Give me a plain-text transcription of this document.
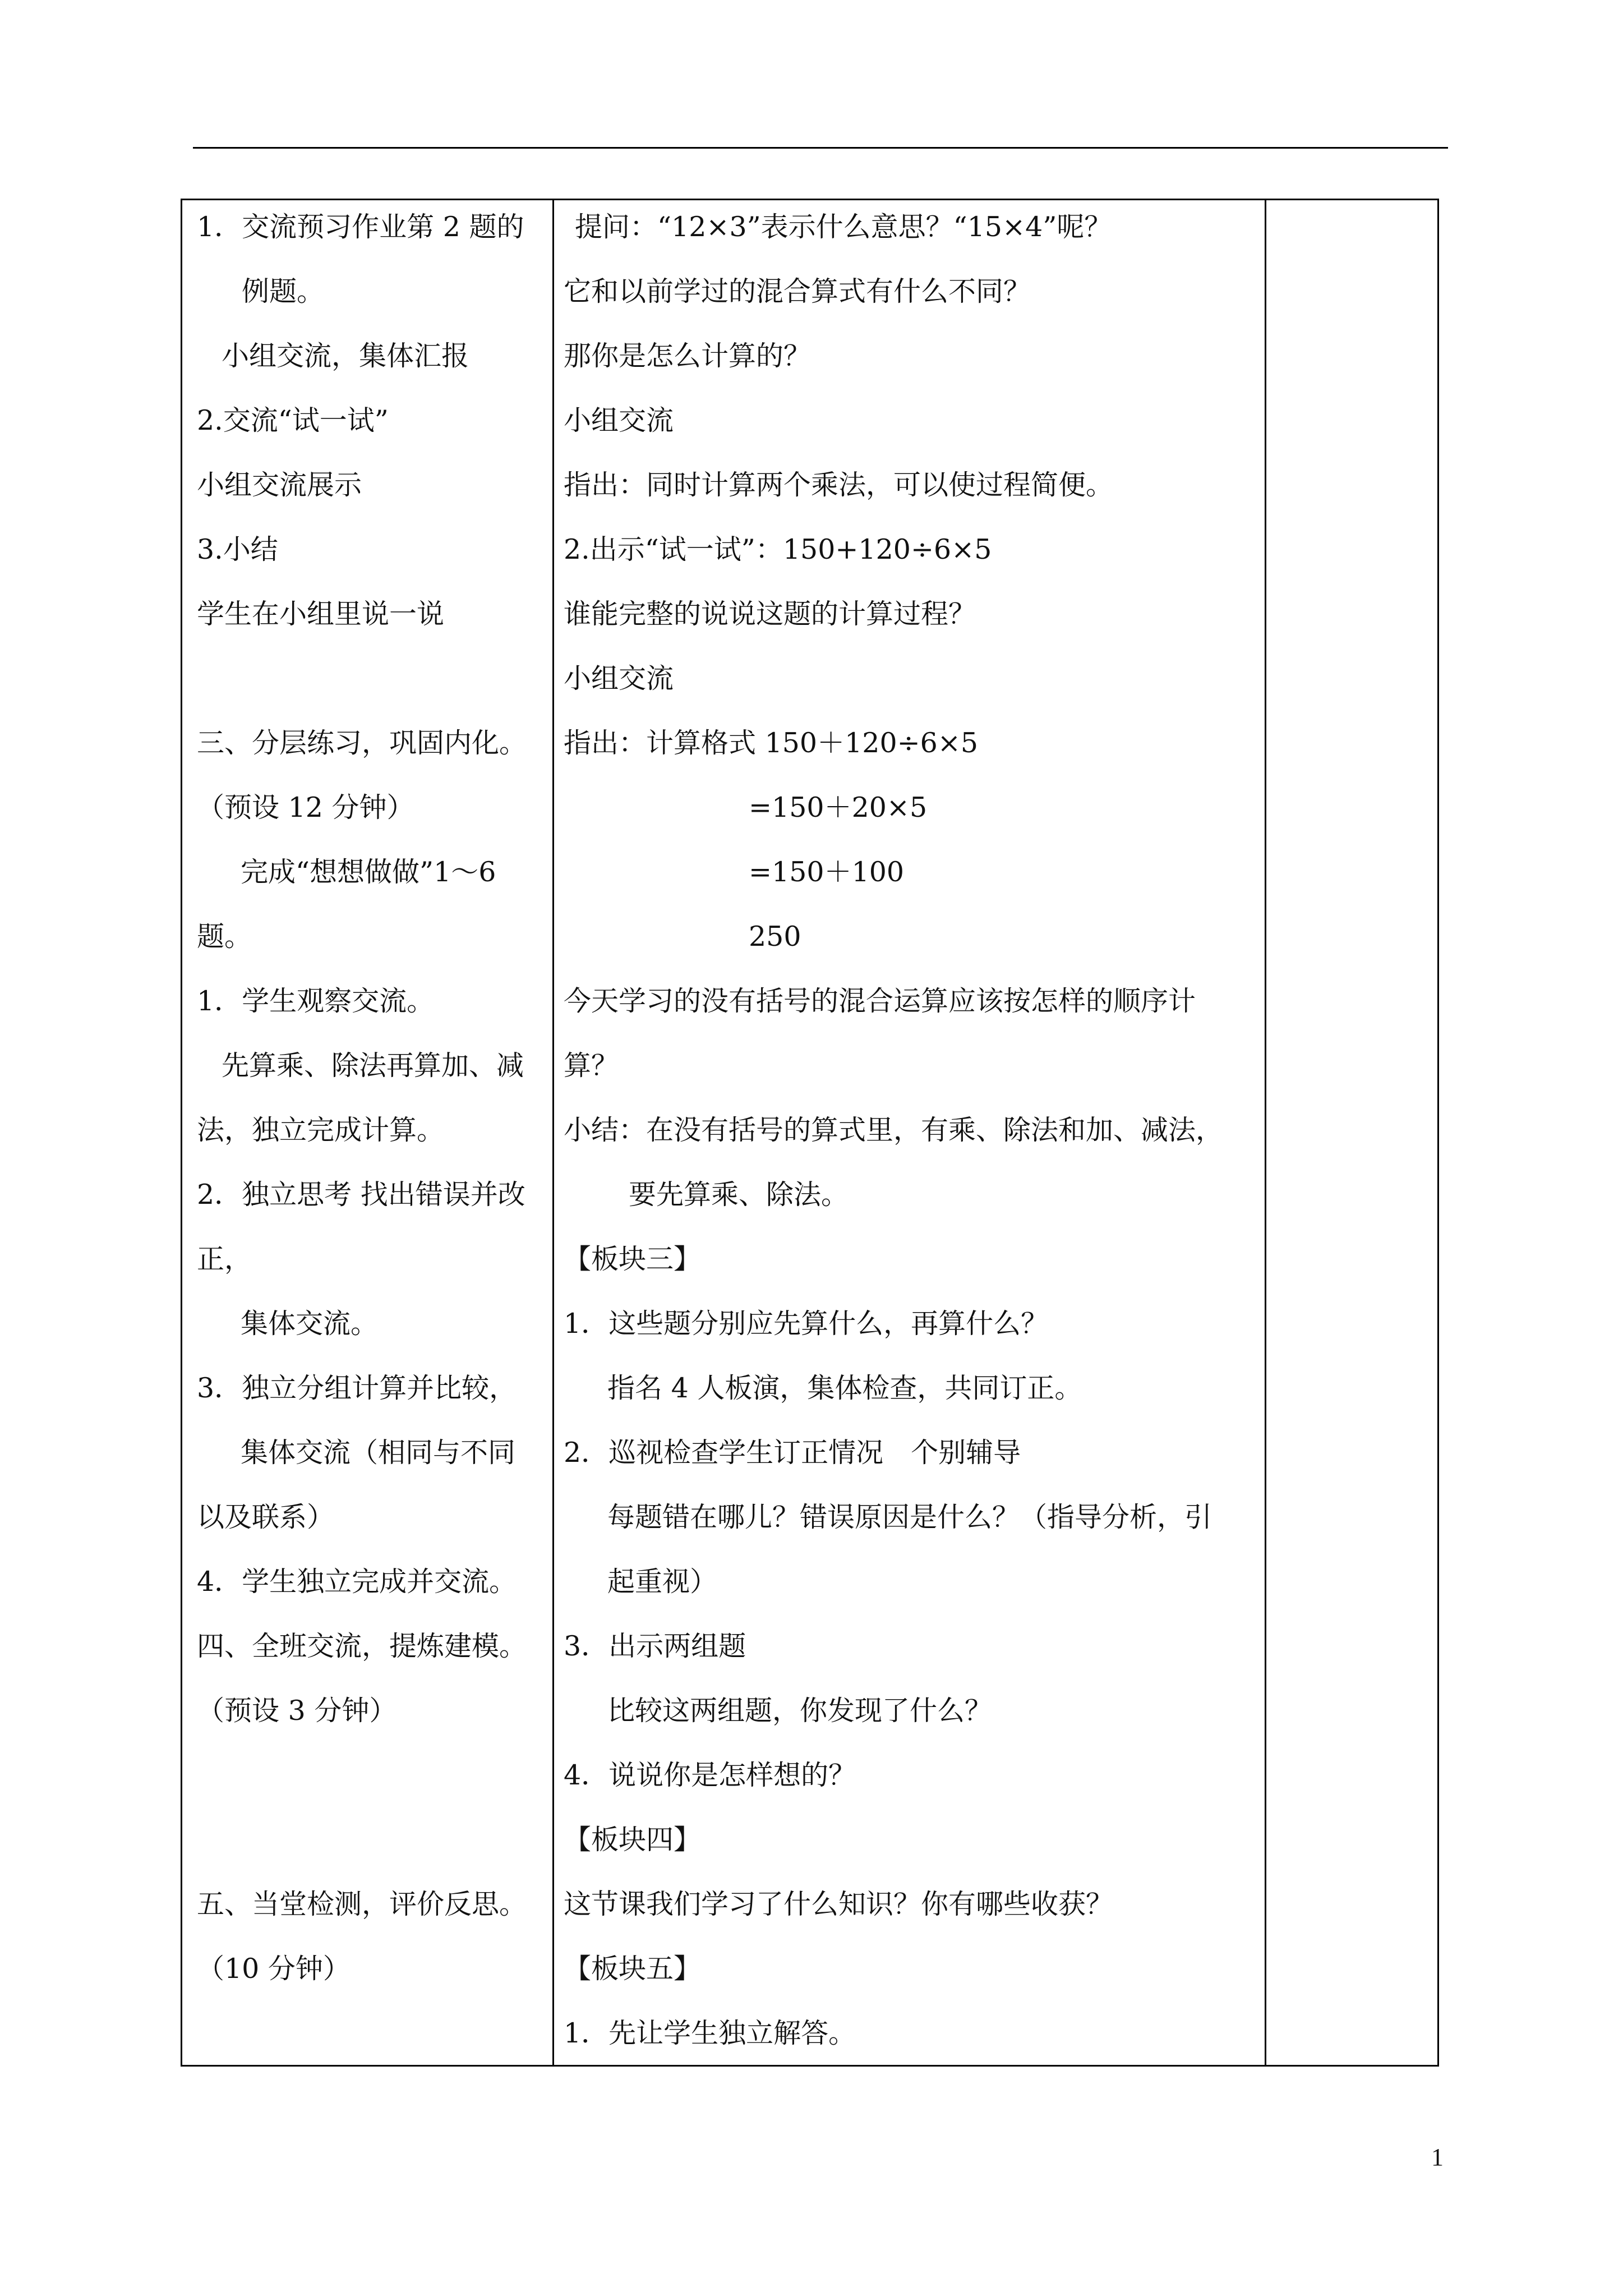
1．交流预习作业第 2 题的
例题。
小组交流，集体汇报
2.交流“试一试”
小组交流展示
3.小结
学生在小组里说一说
三、分层练习，巩固内化。
（预设 12 分钟）
完成“想想做做”1～6
题。
1．学生观察交流。
先算乘、除法再算加、减
法，独立完成计算。
2．独立思考 找出错误并改
正，
集体交流。
3．独立分组计算并比较，
集体交流（相同与不同
以及联系）
4．学生独立完成并交流。
四、全班交流，提炼建模。
（预设 3 分钟）
五、当堂检测，评价反思。
（10 分钟）
提问：“12×3”表示什么意思？“15×4”呢？
它和以前学过的混合算式有什么不同？
那你是怎么计算的？
小组交流
指出：同时计算两个乘法，可以使过程简便。
2.出示“试一试”：150+120÷6×5
谁能完整的说说这题的计算过程？
小组交流
指出：计算格式 150＋120÷6×5
=150＋20×5
=150＋100
250
今天学习的没有括号的混合运算应该按怎样的顺序计
算？
小结：在没有括号的算式里，有乘、除法和加、减法，
要先算乘、除法。
【板块三】
1．这些题分别应先算什么，再算什么？
指名 4 人板演，集体检查，共同订正。
2．巡视检查学生订正情况　个别辅导
每题错在哪儿？错误原因是什么？（指导分析，引
起重视）
3．出示两组题
比较这两组题，你发现了什么？
4．说说你是怎样想的？
【板块四】
这节课我们学习了什么知识？你有哪些收获？
【板块五】
1．先让学生独立解答。
1
